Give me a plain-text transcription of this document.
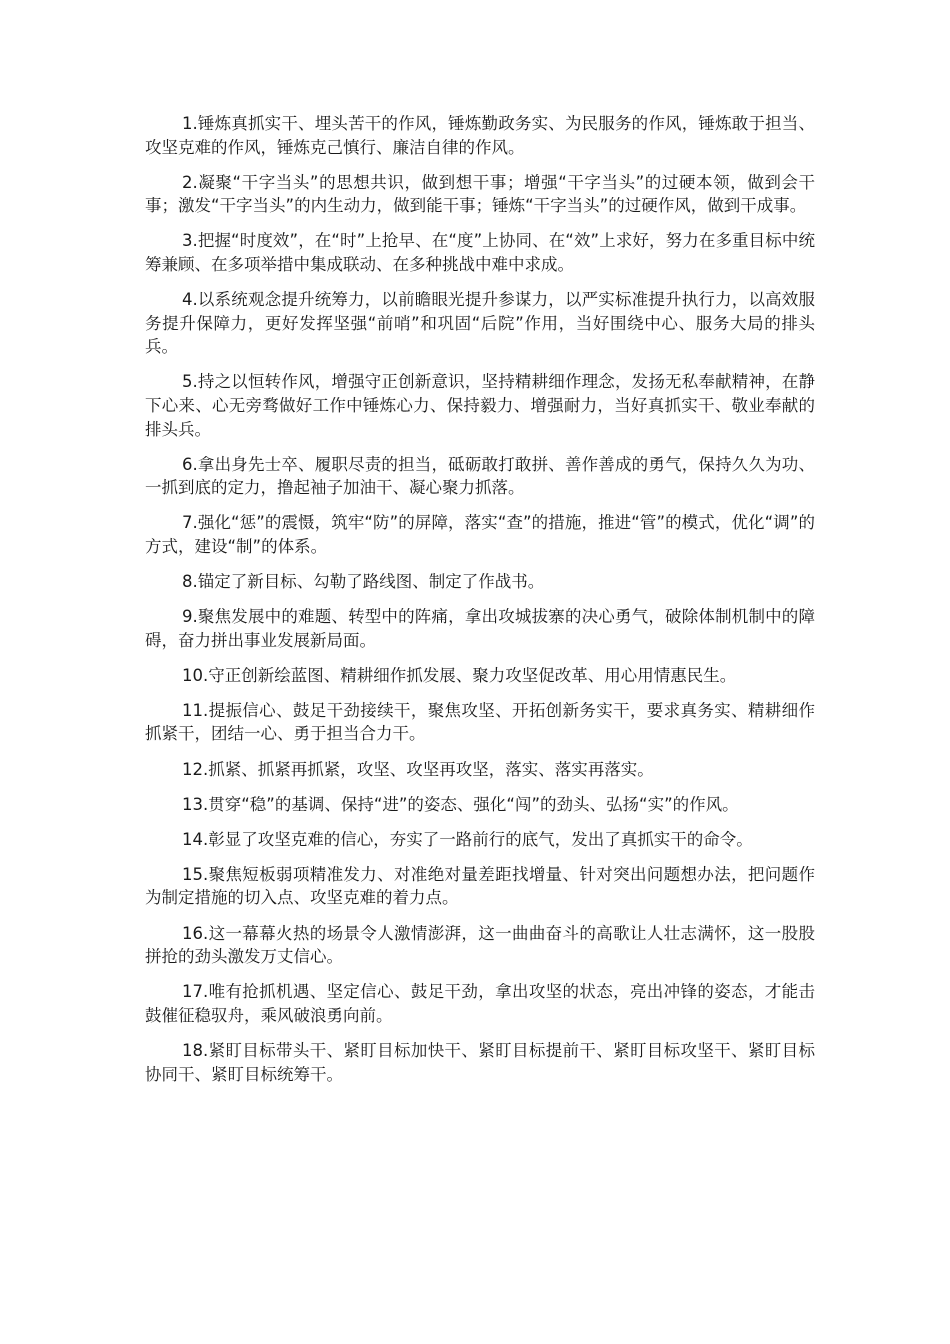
1.锤炼真抓实干、埋头苦干的作风，锤炼勤政务实、为民服务的作风，锤炼敢于担当、攻坚克难的作风，锤炼克己慎行、廉洁自律的作风。

2.凝聚“干字当头”的思想共识，做到想干事；增强“干字当头”的过硬本领，做到会干事；激发“干字当头”的内生动力，做到能干事；锤炼“干字当头”的过硬作风，做到干成事。

3.把握“时度效”，在“时”上抢早、在“度”上协同、在“效”上求好，努力在多重目标中统筹兼顾、在多项举措中集成联动、在多种挑战中难中求成。

4.以系统观念提升统筹力，以前瞻眼光提升参谋力，以严实标准提升执行力，以高效服务提升保障力，更好发挥坚强“前哨”和巩固“后院”作用，当好围绕中心、服务大局的排头兵。

5.持之以恒转作风，增强守正创新意识，坚持精耕细作理念，发扬无私奉献精神，在静下心来、心无旁骛做好工作中锤炼心力、保持毅力、增强耐力，当好真抓实干、敬业奉献的排头兵。

6.拿出身先士卒、履职尽责的担当，砥砺敢打敢拼、善作善成的勇气，保持久久为功、一抓到底的定力，撸起袖子加油干、凝心聚力抓落。

7.强化“惩”的震慑，筑牢“防”的屏障，落实“查”的措施，推进“管”的模式，优化“调”的方式，建设“制”的体系。

8.锚定了新目标、勾勒了路线图、制定了作战书。

9.聚焦发展中的难题、转型中的阵痛，拿出攻城拔寨的决心勇气，破除体制机制中的障碍，奋力拼出事业发展新局面。

10.守正创新绘蓝图、精耕细作抓发展、聚力攻坚促改革、用心用情惠民生。

11.提振信心、鼓足干劲接续干，聚焦攻坚、开拓创新务实干，要求真务实、精耕细作抓紧干，团结一心、勇于担当合力干。

12.抓紧、抓紧再抓紧，攻坚、攻坚再攻坚，落实、落实再落实。

13.贯穿“稳”的基调、保持“进”的姿态、强化“闯”的劲头、弘扬“实”的作风。

14.彰显了攻坚克难的信心，夯实了一路前行的底气，发出了真抓实干的命令。

15.聚焦短板弱项精准发力、对准绝对量差距找增量、针对突出问题想办法，把问题作为制定措施的切入点、攻坚克难的着力点。

16.这一幕幕火热的场景令人激情澎湃，这一曲曲奋斗的高歌让人壮志满怀，这一股股拼抢的劲头激发万丈信心。

17.唯有抢抓机遇、坚定信心、鼓足干劲，拿出攻坚的状态，亮出冲锋的姿态，才能击鼓催征稳驭舟，乘风破浪勇向前。

18.紧盯目标带头干、紧盯目标加快干、紧盯目标提前干、紧盯目标攻坚干、紧盯目标协同干、紧盯目标统筹干。
